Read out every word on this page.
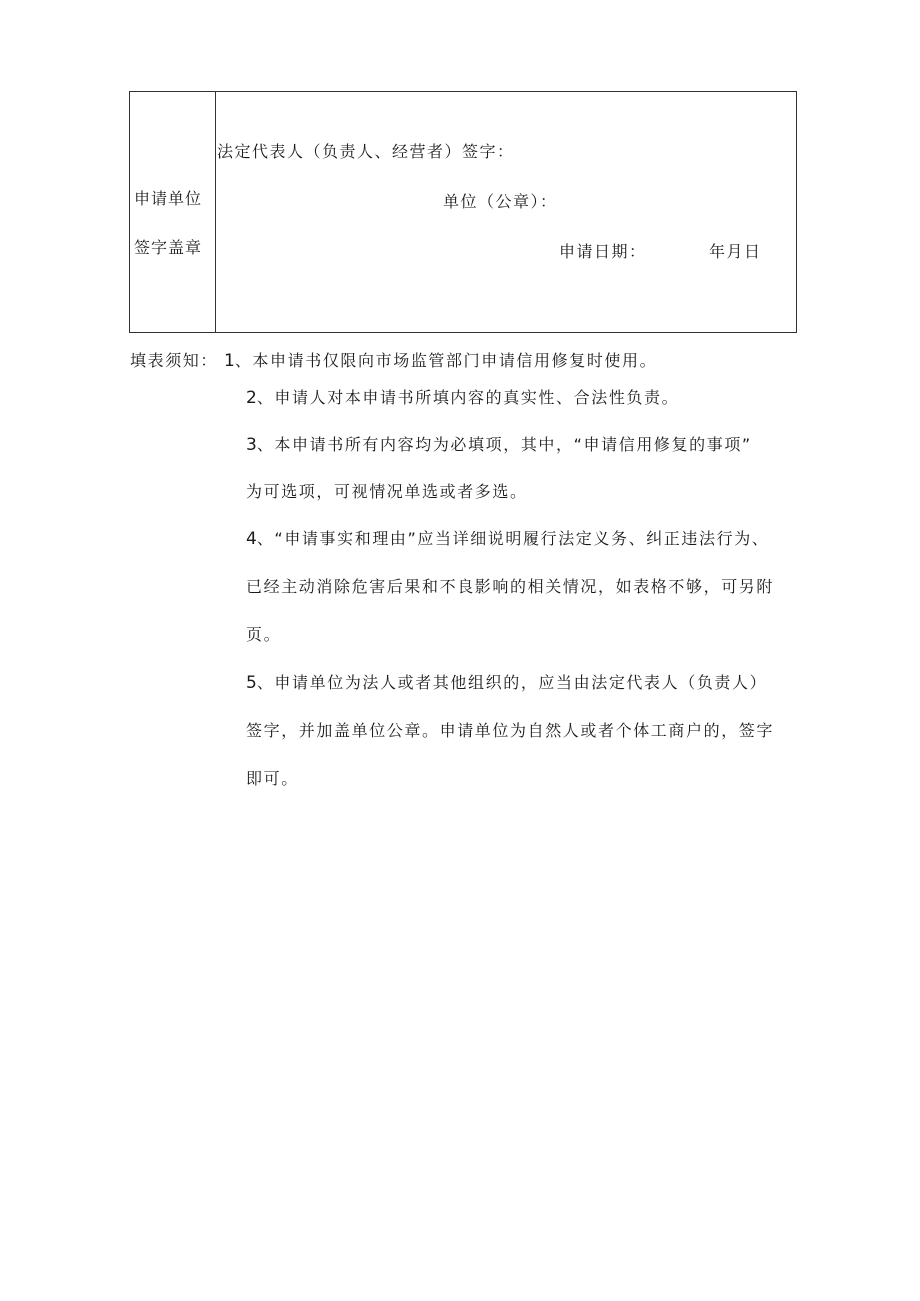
申请单位
签字盖章
法定代表人（负责人、经营者）签字：
单位（公章）：
申请日期：	年月日
填表须知： 1、本申请书仅限向市场监管部门申请信用修复时使用。
2、申请人对本申请书所填内容的真实性、合法性负责。
3、本申请书所有内容均为必填项，其中，“申请信用修复的事项”
为可选项，可视情况单选或者多选。
4、“申请事实和理由”应当详细说明履行法定义务、纠正违法行为、
已经主动消除危害后果和不良影响的相关情况，如表格不够，可另附
页。
5、申请单位为法人或者其他组织的，应当由法定代表人（负责人）
签字，并加盖单位公章。申请单位为自然人或者个体工商户的，签字
即可。
